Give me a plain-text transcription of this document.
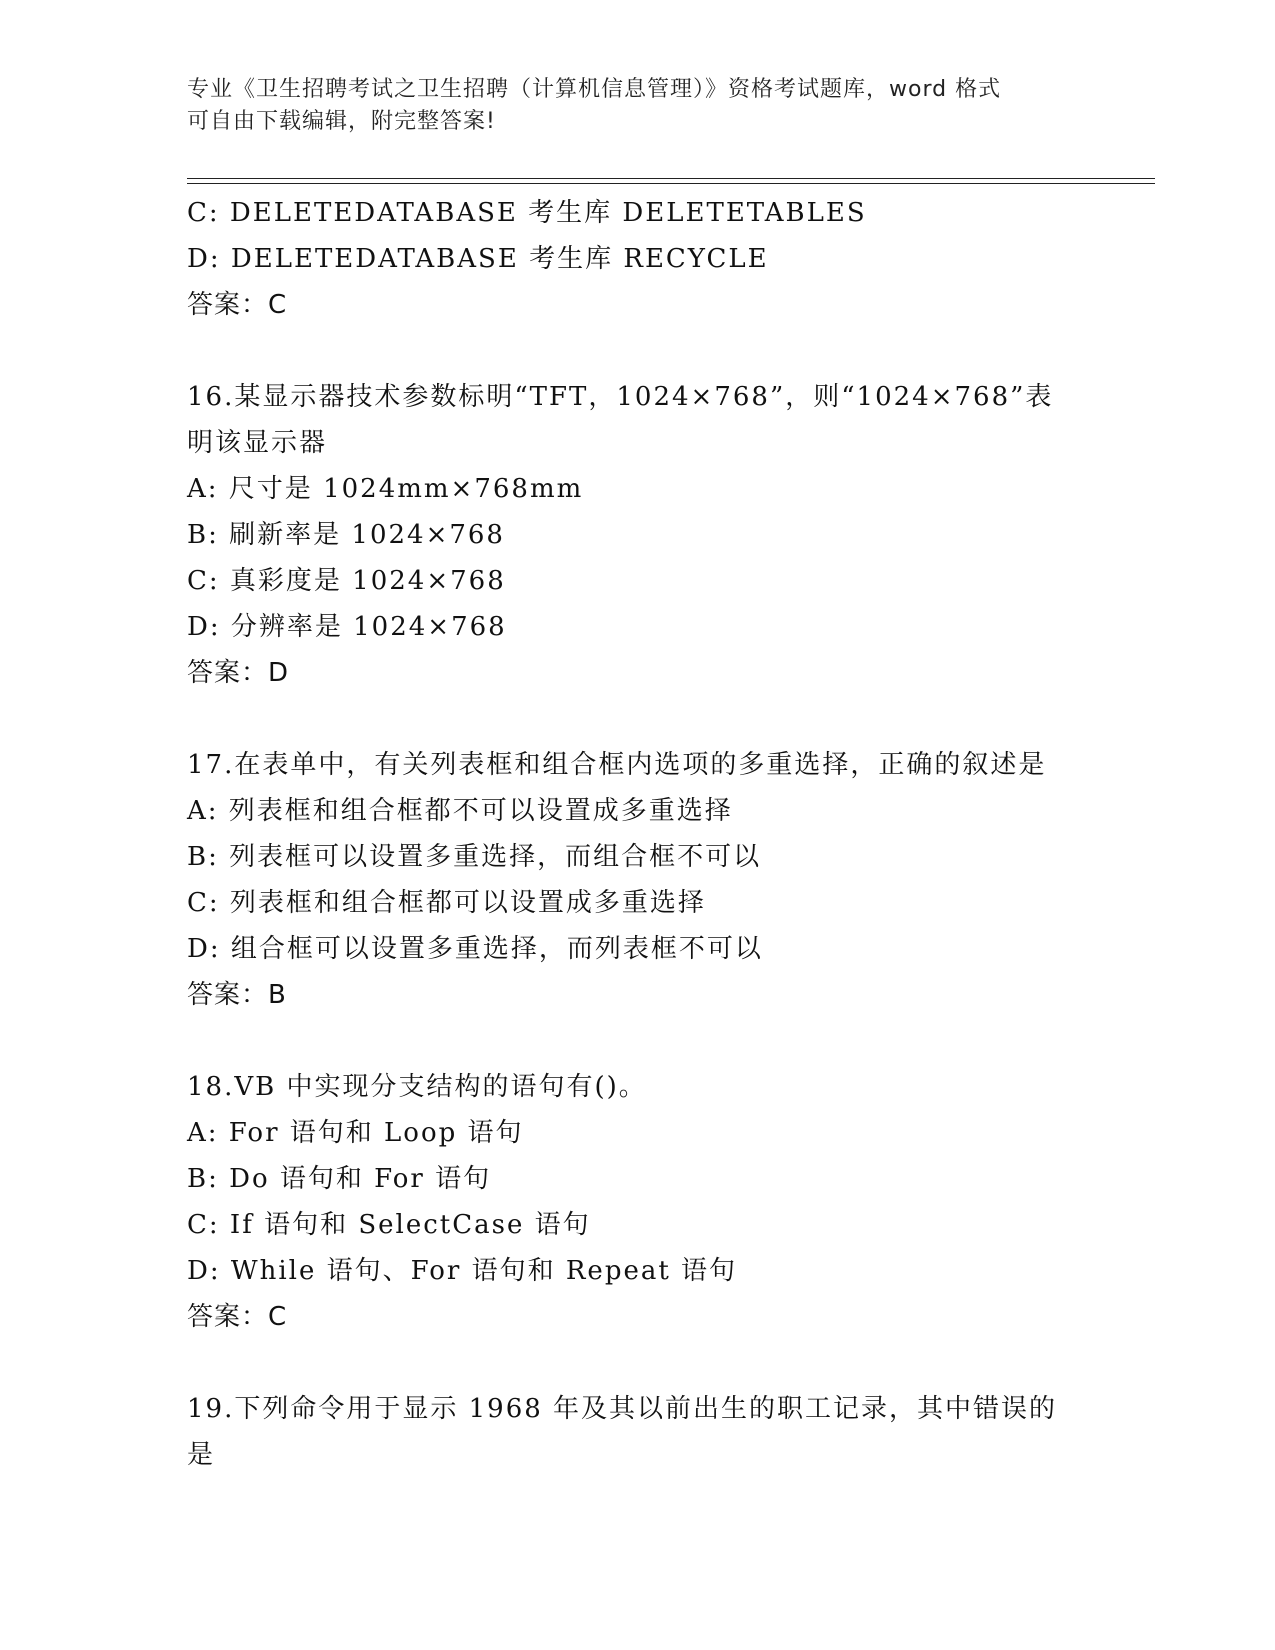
专业《卫生招聘考试之卫生招聘（计算机信息管理）》资格考试题库，word 格式
可自由下载编辑，附完整答案!
C: DELETEDATABASE 考生库 DELETETABLES
D: DELETEDATABASE 考生库 RECYCLE
答案：C
16.某显示器技术参数标明“TFT，1024×768”，则“1024×768”表
明该显示器
A: 尺寸是 1024mm×768mm
B: 刷新率是 1024×768
C: 真彩度是 1024×768
D: 分辨率是 1024×768
答案：D
17.在表单中，有关列表框和组合框内选项的多重选择，正确的叙述是
A: 列表框和组合框都不可以设置成多重选择
B: 列表框可以设置多重选择，而组合框不可以
C: 列表框和组合框都可以设置成多重选择
D: 组合框可以设置多重选择，而列表框不可以
答案：B
18.VB 中实现分支结构的语句有()。
A: For 语句和 Loop 语句
B: Do 语句和 For 语句
C: If 语句和 SelectCase 语句
D: While 语句、For 语句和 Repeat 语句
答案：C
19.下列命令用于显示 1968 年及其以前出生的职工记录，其中错误的
是
